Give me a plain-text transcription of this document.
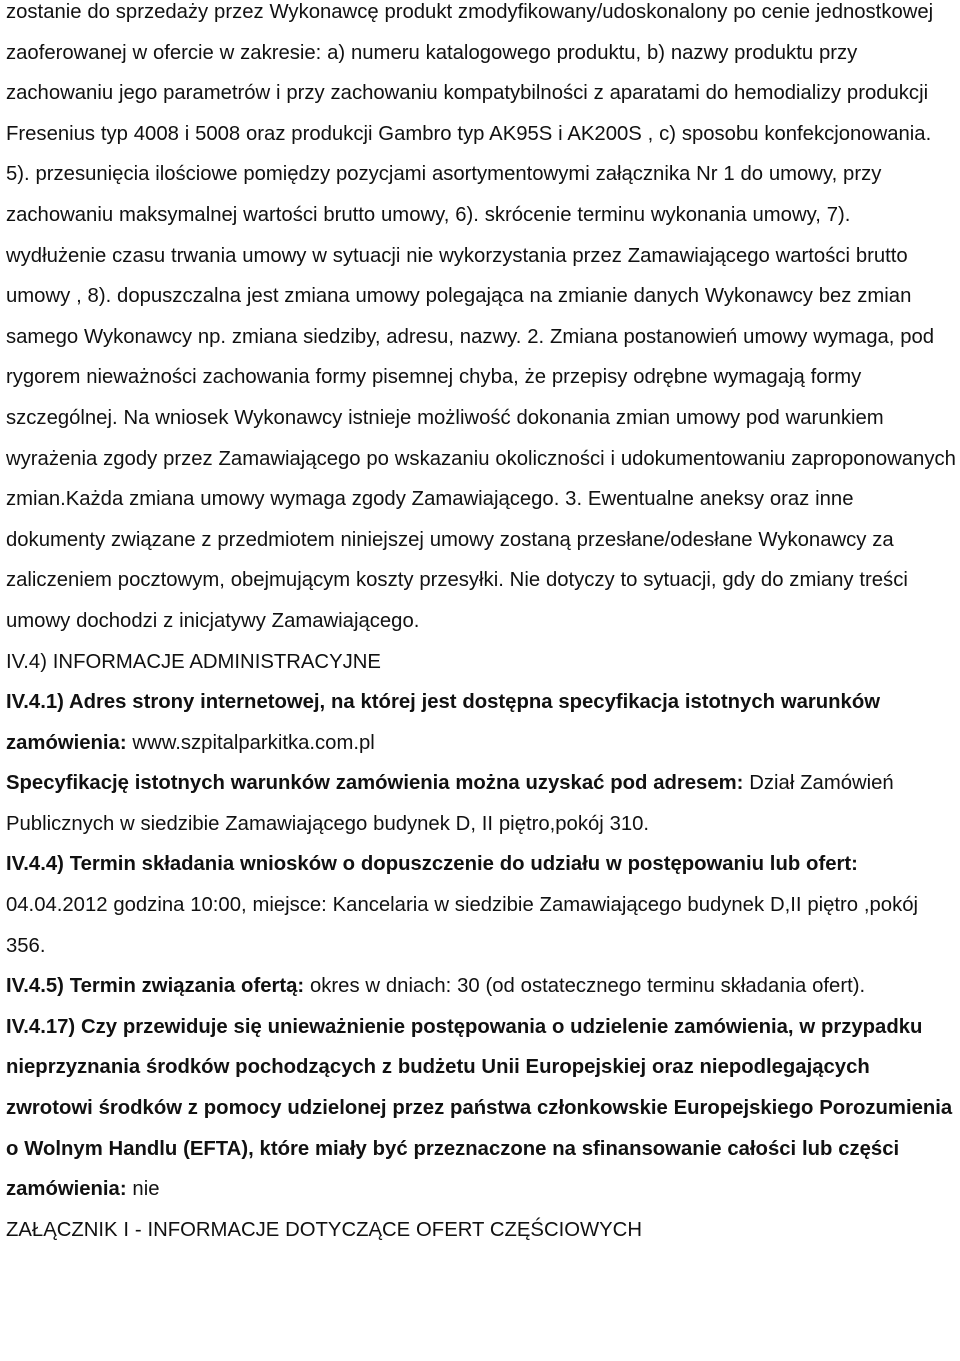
zostanie do sprzedaży przez Wykonawcę produkt zmodyfikowany/udoskonalony po cenie jednostkowej zaoferowanej w ofercie w zakresie: a) numeru katalogowego produktu, b) nazwy produktu przy zachowaniu jego parametrów i przy zachowaniu kompatybilności z aparatami do hemodializy produkcji Fresenius typ 4008 i 5008 oraz produkcji Gambro typ AK95S i AK200S , c) sposobu konfekcjonowania. 5). przesunięcia ilościowe pomiędzy pozycjami asortymentowymi załącznika Nr 1 do umowy, przy zachowaniu maksymalnej wartości brutto umowy, 6). skrócenie terminu wykonania umowy, 7). wydłużenie czasu trwania umowy w sytuacji nie wykorzystania przez Zamawiającego wartości brutto umowy , 8). dopuszczalna jest zmiana umowy polegająca na zmianie danych Wykonawcy bez zmian samego Wykonawcy np. zmiana siedziby, adresu, nazwy. 2. Zmiana postanowień umowy wymaga, pod rygorem nieważności zachowania formy pisemnej chyba, że przepisy odrębne wymagają formy szczególnej. Na wniosek Wykonawcy istnieje możliwość dokonania zmian umowy pod warunkiem wyrażenia zgody przez Zamawiającego po wskazaniu okoliczności i udokumentowaniu zaproponowanych zmian.Każda zmiana umowy wymaga zgody Zamawiającego. 3. Ewentualne aneksy oraz inne dokumenty związane z przedmiotem niniejszej umowy zostaną przesłane/odesłane Wykonawcy za zaliczeniem pocztowym, obejmującym koszty przesyłki. Nie dotyczy to sytuacji, gdy do zmiany treści umowy dochodzi z inicjatywy Zamawiającego.

IV.4) INFORMACJE ADMINISTRACYJNE

IV.4.1) Adres strony internetowej, na której jest dostępna specyfikacja istotnych warunków zamówienia: www.szpitalparkitka.com.pl

Specyfikację istotnych warunków zamówienia można uzyskać pod adresem: Dział Zamówień Publicznych w siedzibie Zamawiającego budynek D, II piętro,pokój 310.

IV.4.4) Termin składania wniosków o dopuszczenie do udziału w postępowaniu lub ofert: 04.04.2012 godzina 10:00, miejsce: Kancelaria w siedzibie Zamawiającego budynek D,II piętro ,pokój 356.

IV.4.5) Termin związania ofertą: okres w dniach: 30 (od ostatecznego terminu składania ofert).

IV.4.17) Czy przewiduje się unieważnienie postępowania o udzielenie zamówienia, w przypadku nieprzyznania środków pochodzących z budżetu Unii Europejskiej oraz niepodlegających zwrotowi środków z pomocy udzielonej przez państwa członkowskie Europejskiego Porozumienia o Wolnym Handlu (EFTA), które miały być przeznaczone na sfinansowanie całości lub części zamówienia: nie

ZAŁĄCZNIK I - INFORMACJE DOTYCZĄCE OFERT CZĘŚCIOWYCH
